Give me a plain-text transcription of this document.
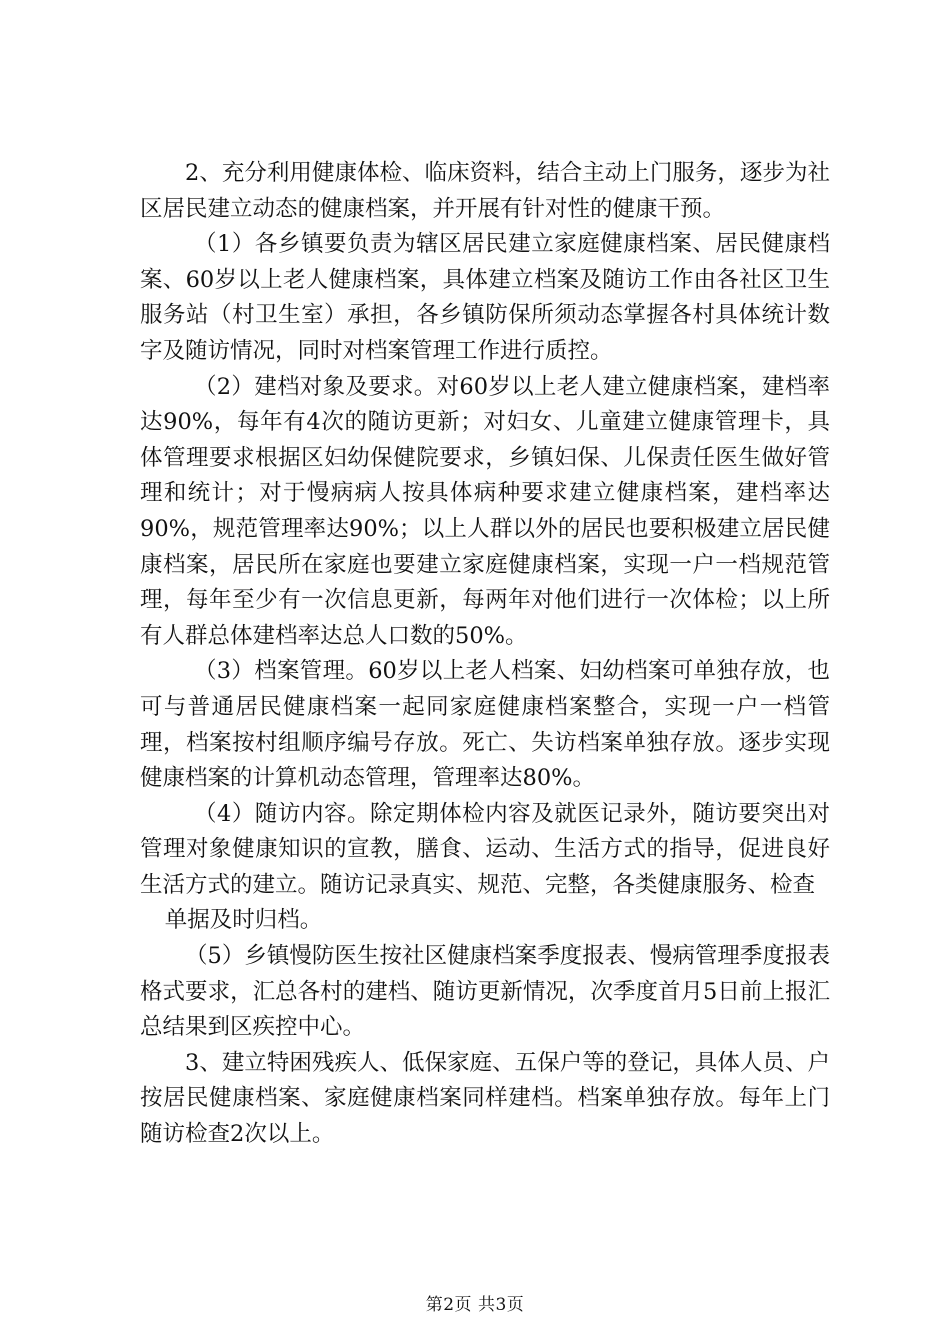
2、充分利用健康体检、临床资料，结合主动上门服务，逐步为社区居民建立动态的健康档案，并开展有针对性的健康干预。

（1）各乡镇要负责为辖区居民建立家庭健康档案、居民健康档案、60岁以上老人健康档案，具体建立档案及随访工作由各社区卫生服务站（村卫生室）承担，各乡镇防保所须动态掌握各村具体统计数字及随访情况，同时对档案管理工作进行质控。

（2）建档对象及要求。对60岁以上老人建立健康档案，建档率达90%，每年有4次的随访更新；对妇女、儿童建立健康管理卡，具体管理要求根据区妇幼保健院要求，乡镇妇保、儿保责任医生做好管理和统计；对于慢病病人按具体病种要求建立健康档案，建档率达90%，规范管理率达90%；以上人群以外的居民也要积极建立居民健康档案，居民所在家庭也要建立家庭健康档案，实现一户一档规范管理，每年至少有一次信息更新，每两年对他们进行一次体检；以上所有人群总体建档率达总人口数的50%。

（3）档案管理。60岁以上老人档案、妇幼档案可单独存放，也可与普通居民健康档案一起同家庭健康档案整合，实现一户一档管理，档案按村组顺序编号存放。死亡、失访档案单独存放。逐步实现健康档案的计算机动态管理，管理率达80%。

（4）随访内容。除定期体检内容及就医记录外，随访要突出对管理对象健康知识的宣教，膳食、运动、生活方式的指导，促进良好生活方式的建立。随访记录真实、规范、完整，各类健康服务、检查

单据及时归档。

（5）乡镇慢防医生按社区健康档案季度报表、慢病管理季度报表格式要求，汇总各村的建档、随访更新情况，次季度首月5日前上报汇总结果到区疾控中心。

3、建立特困残疾人、低保家庭、五保户等的登记，具体人员、户按居民健康档案、家庭健康档案同样建档。档案单独存放。每年上门随访检查2次以上。

第2页 共3页
